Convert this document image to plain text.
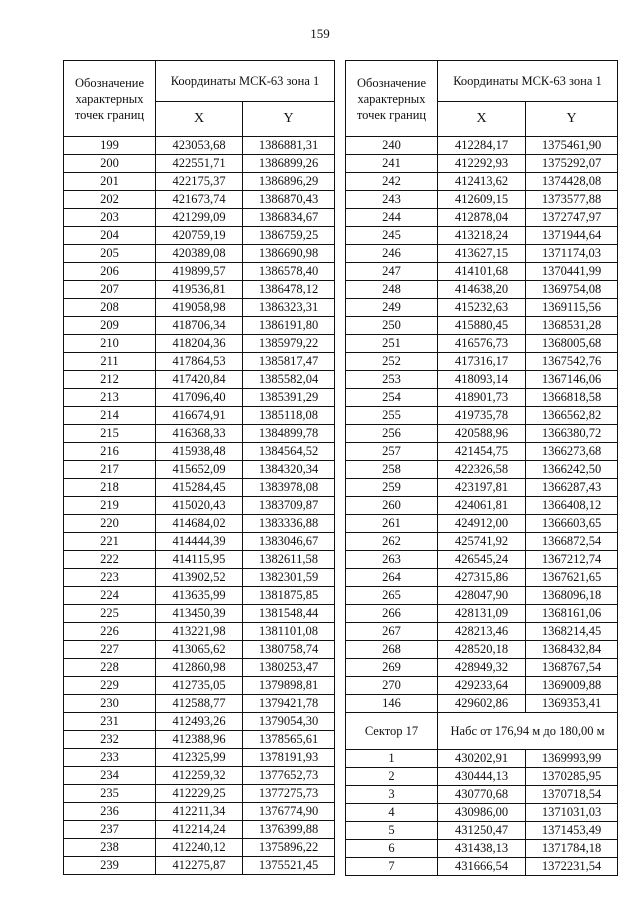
159
Обозначение характерных точек границ	Координаты МСК-63 зона 1	
	X	Y
199	423053,68	1386881,31
200	422551,71	1386899,26
201	422175,37	1386896,29
202	421673,74	1386870,43
203	421299,09	1386834,67
204	420759,19	1386759,25
205	420389,08	1386690,98
206	419899,57	1386578,40
207	419536,81	1386478,12
208	419058,98	1386323,31
209	418706,34	1386191,80
210	418204,36	1385979,22
211	417864,53	1385817,47
212	417420,84	1385582,04
213	417096,40	1385391,29
214	416674,91	1385118,08
215	416368,33	1384899,78
216	415938,48	1384564,52
217	415652,09	1384320,34
218	415284,45	1383978,08
219	415020,43	1383709,87
220	414684,02	1383336,88
221	414444,39	1383046,67
222	414115,95	1382611,58
223	413902,52	1382301,59
224	413635,99	1381875,85
225	413450,39	1381548,44
226	413221,98	1381101,08
227	413065,62	1380758,74
228	412860,98	1380253,47
229	412735,05	1379898,81
230	412588,77	1379421,78
231	412493,26	1379054,30
232	412388,96	1378565,61
233	412325,99	1378191,93
234	412259,32	1377652,73
235	412229,25	1377275,73
236	412211,34	1376774,90
237	412214,24	1376399,88
238	412240,12	1375896,22
239	412275,87	1375521,45
Обозначение характерных точек границ	Координаты МСК-63 зона 1	
	X	Y
240	412284,17	1375461,90
241	412292,93	1375292,07
242	412413,62	1374428,08
243	412609,15	1373577,88
244	412878,04	1372747,97
245	413218,24	1371944,64
246	413627,15	1371174,03
247	414101,68	1370441,99
248	414638,20	1369754,08
249	415232,63	1369115,56
250	415880,45	1368531,28
251	416576,73	1368005,68
252	417316,17	1367542,76
253	418093,14	1367146,06
254	418901,73	1366818,58
255	419735,78	1366562,82
256	420588,96	1366380,72
257	421454,75	1366273,68
258	422326,58	1366242,50
259	423197,81	1366287,43
260	424061,81	1366408,12
261	424912,00	1366603,65
262	425741,92	1366872,54
263	426545,24	1367212,74
264	427315,86	1367621,65
265	428047,90	1368096,18
266	428131,09	1368161,06
267	428213,46	1368214,45
268	428520,18	1368432,84
269	428949,32	1368767,54
270	429233,64	1369009,88
146	429602,86	1369353,41
Сектор 17	Набс от 176,94 м до 180,00 м	
1	430202,91	1369993,99
2	430444,13	1370285,95
3	430770,68	1370718,54
4	430986,00	1371031,03
5	431250,47	1371453,49
6	431438,13	1371784,18
7	431666,54	1372231,54
